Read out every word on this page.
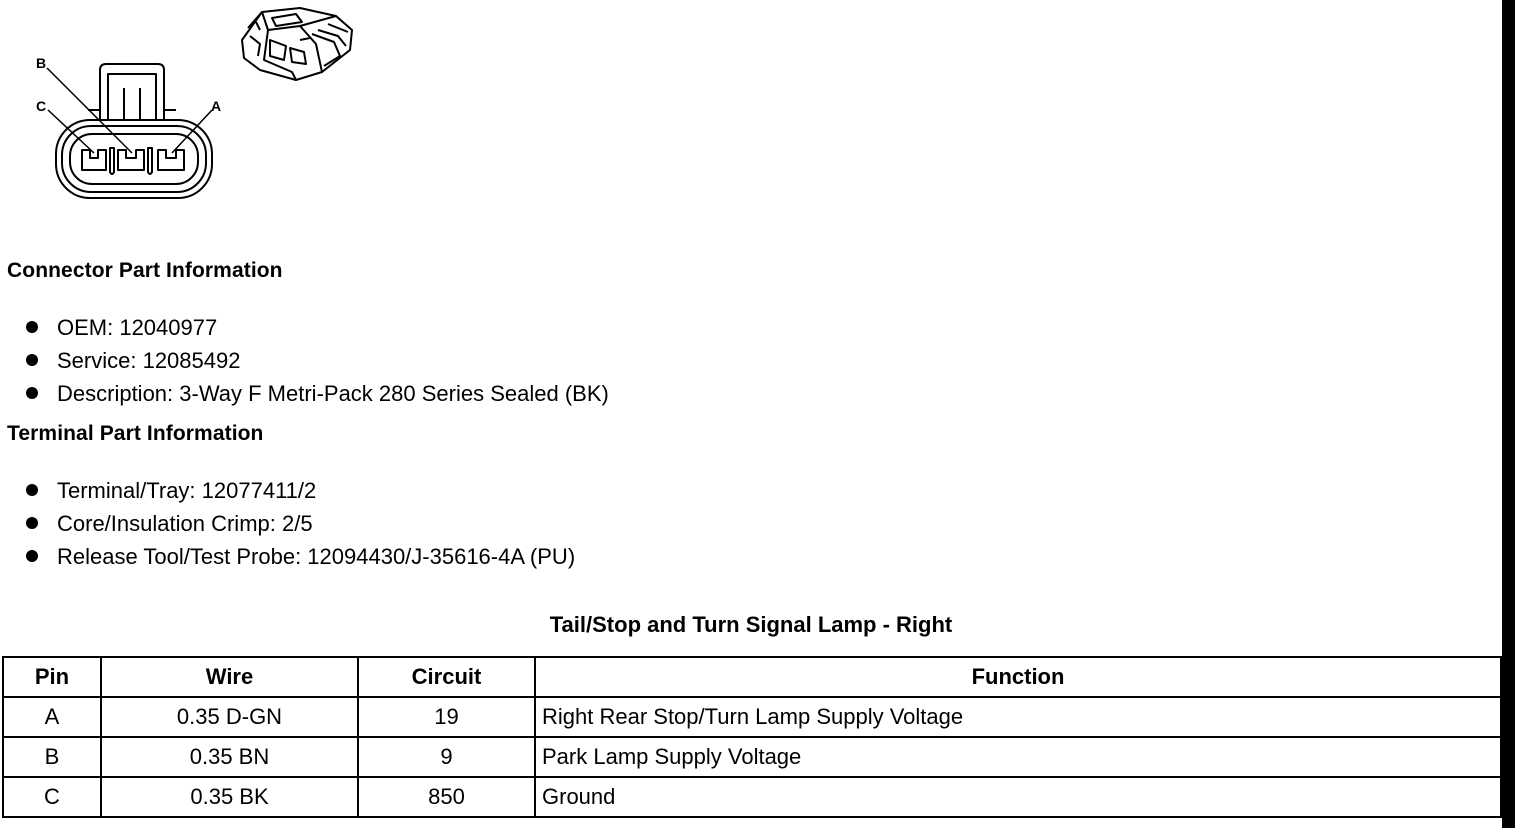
B
C	A
Connector Part Information
OEM: 12040977
Service: 12085492
Description: 3-Way F Metri-Pack 280 Series Sealed (BK)
Terminal Part Information
Terminal/Tray: 12077411/2
Core/Insulation Crimp: 2/5
Release Tool/Test Probe: 12094430/J-35616-4A (PU)
Tail/Stop and Turn Signal Lamp - Right
Pin	Wire	Circuit	Function
A	0.35 D-GN	19	Right Rear Stop/Turn Lamp Supply Voltage
B	0.35 BN	9	Park Lamp Supply Voltage
C	0.35 BK	850	Ground
